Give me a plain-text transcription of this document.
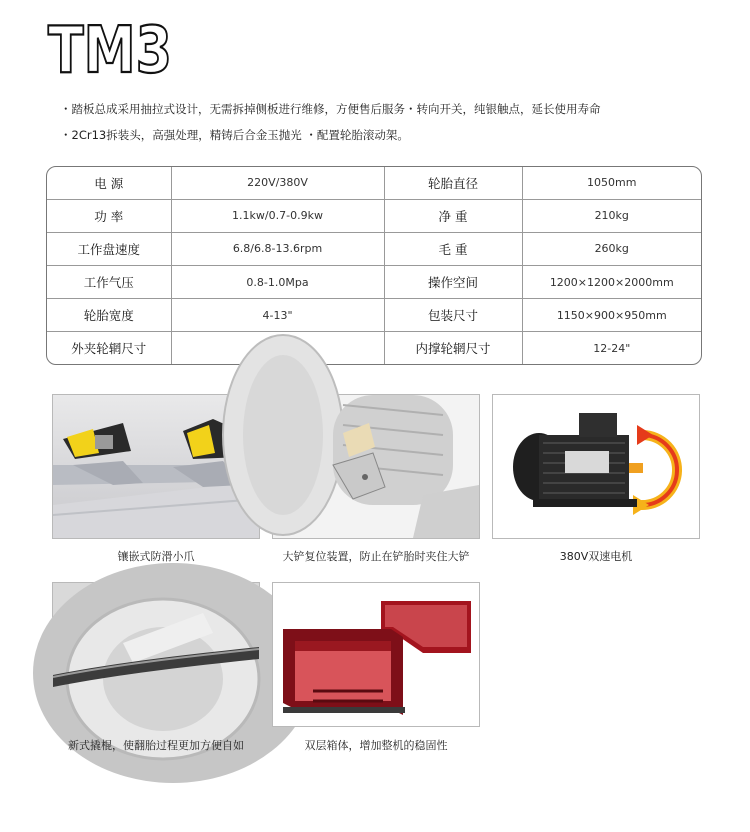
TM3
・踏板总成采用抽拉式设计，无需拆掉侧板进行维修，方便售后服务・转向开关，纯银触点，延长使用寿命
・2Cr13拆装头，高强处理，精铸后合金玉抛光 ・配置轮胎滚动架。
电 源	220V/380V	轮胎直径	1050mm
功 率	1.1kw/0.7-0.9kw	净 重	210kg
工作盘速度	6.8/6.8-13.6rpm	毛 重	260kg
工作气压	0.8-1.0Mpa	操作空间	1200×1200×2000mm
轮胎宽度	4-13"	包装尺寸	1150×900×950mm
外夹轮辋尺寸		内撑轮辋尺寸	12-24"
镶嵌式防滑小爪	大铲复位装置，防止在铲胎时夹住大铲	380V双速电机
新式撬棍，使翻胎过程更加方便自如	双层箱体，增加整机的稳固性
